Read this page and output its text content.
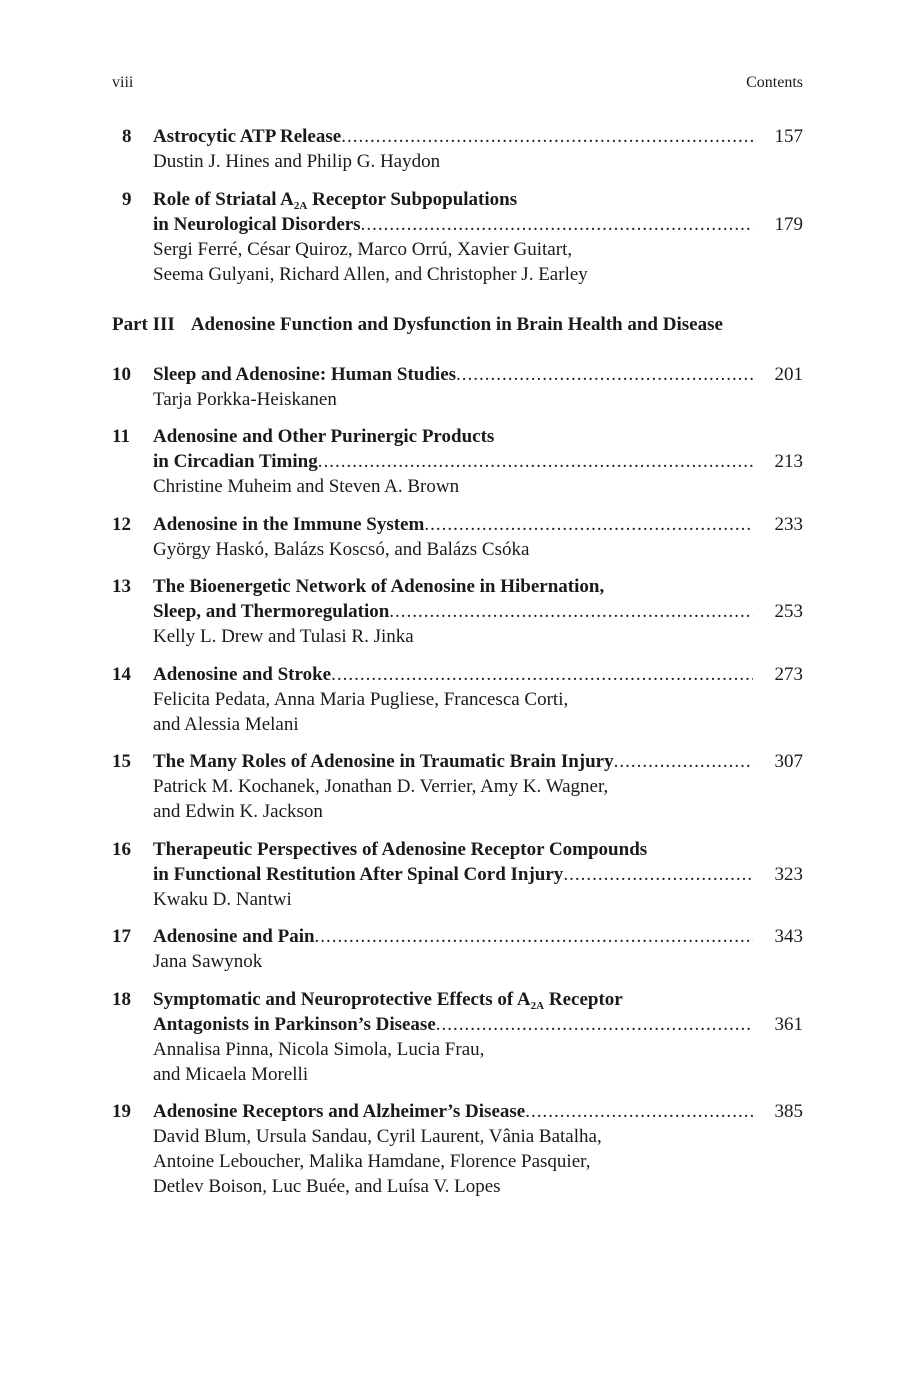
viii	Contents
8	Astrocytic ATP Release .....	157
Dustin J. Hines and Philip G. Haydon
9	Role of Striatal $A_{2A}$ Receptor Subpopulations
in Neurological Disorders .....	179
Sergi Ferré, César Quiroz, Marco Orrú, Xavier Guitart,
Seema Gulyani, Richard Allen, and Christopher J. Earley
Part III Adenosine Function and Dysfunction in Brain Health and Disease
10	Sleep and Adenosine: Human Studies .....	201
Tarja Porkka-Heiskanen
11	Adenosine and Other Purinergic Products
in Circadian Timing .....	213
Christine Muheim and Steven A. Brown
12	Adenosine in the Immune System .....	233
György Haskó, Balázs Koscsó, and Balázs Csóka
13	The Bioenergetic Network of Adenosine in Hibernation,
Sleep, and Thermoregulation .....	253
Kelly L. Drew and Tulasi R. Jinka
14	Adenosine and Stroke .....	273
Felicita Pedata, Anna Maria Pugliese, Francesca Corti,
and Alessia Melani
15	The Many Roles of Adenosine in Traumatic Brain Injury .....	307
Patrick M. Kochanek, Jonathan D. Verrier, Amy K. Wagner,
and Edwin K. Jackson
16	Therapeutic Perspectives of Adenosine Receptor Compounds
in Functional Restitution After Spinal Cord Injury .....	323
Kwaku D. Nantwi
17	Adenosine and Pain .....	343
Jana Sawynok
18	Symptomatic and Neuroprotective Effects of $A_{2A}$ Receptor
Antagonists in Parkinson’s Disease .....	361
Annalisa Pinna, Nicola Simola, Lucia Frau,
and Micaela Morelli
19	Adenosine Receptors and Alzheimer’s Disease .....	385
David Blum, Ursula Sandau, Cyril Laurent, Vânia Batalha,
Antoine Leboucher, Malika Hamdane, Florence Pasquier,
Detlev Boison, Luc Buée, and Luísa V. Lopes
